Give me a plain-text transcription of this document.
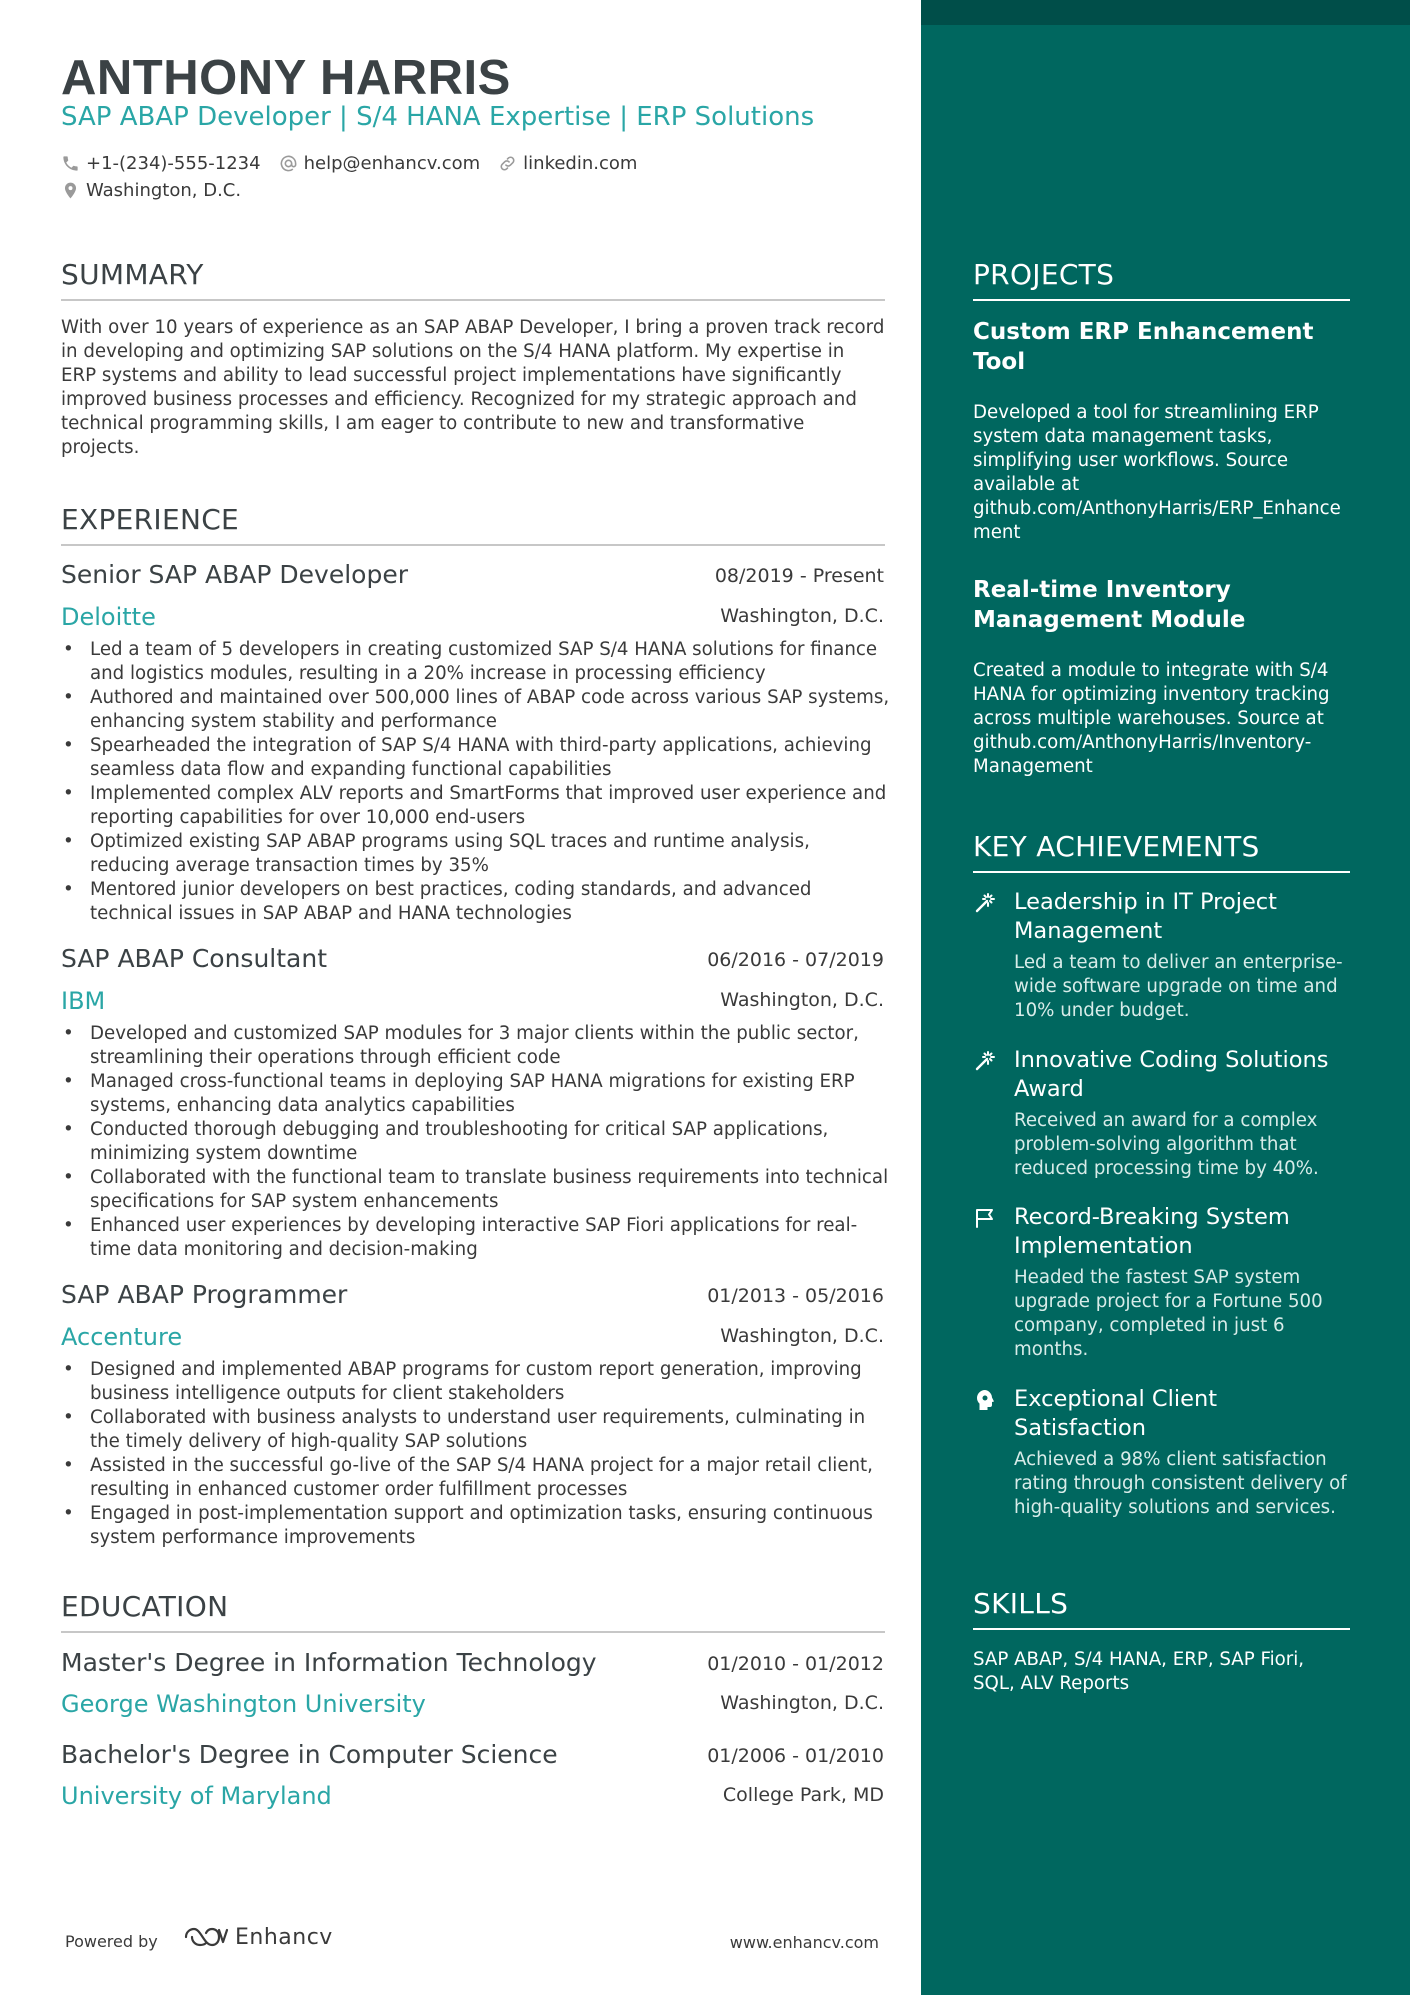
ANTHONY HARRIS
SAP ABAP Developer | S/4 HANA Expertise | ERP Solutions
+1-(234)-555-1234 help@enhancv.com linkedin.com
Washington, D.C.
SUMMARY
With over 10 years of experience as an SAP ABAP Developer, I bring a proven track record in developing and optimizing SAP solutions on the S/4 HANA platform. My expertise in ERP systems and ability to lead successful project implementations have significantly improved business processes and efficiency. Recognized for my strategic approach and technical programming skills, I am eager to contribute to new and transformative projects.
EXPERIENCE
Senior SAP ABAP Developer	08/2019 - Present
Deloitte	Washington, D.C.
• Led a team of 5 developers in creating customized SAP S/4 HANA solutions for finance and logistics modules, resulting in a 20% increase in processing efficiency
• Authored and maintained over 500,000 lines of ABAP code across various SAP systems, enhancing system stability and performance
• Spearheaded the integration of SAP S/4 HANA with third-party applications, achieving seamless data flow and expanding functional capabilities
• Implemented complex ALV reports and SmartForms that improved user experience and reporting capabilities for over 10,000 end-users
• Optimized existing SAP ABAP programs using SQL traces and runtime analysis, reducing average transaction times by 35%
• Mentored junior developers on best practices, coding standards, and advanced technical issues in SAP ABAP and HANA technologies
SAP ABAP Consultant	06/2016 - 07/2019
IBM	Washington, D.C.
• Developed and customized SAP modules for 3 major clients within the public sector, streamlining their operations through efficient code
• Managed cross-functional teams in deploying SAP HANA migrations for existing ERP systems, enhancing data analytics capabilities
• Conducted thorough debugging and troubleshooting for critical SAP applications, minimizing system downtime
• Collaborated with the functional team to translate business requirements into technical specifications for SAP system enhancements
• Enhanced user experiences by developing interactive SAP Fiori applications for real-time data monitoring and decision-making
SAP ABAP Programmer	01/2013 - 05/2016
Accenture	Washington, D.C.
• Designed and implemented ABAP programs for custom report generation, improving business intelligence outputs for client stakeholders
• Collaborated with business analysts to understand user requirements, culminating in the timely delivery of high-quality SAP solutions
• Assisted in the successful go-live of the SAP S/4 HANA project for a major retail client, resulting in enhanced customer order fulfillment processes
• Engaged in post-implementation support and optimization tasks, ensuring continuous system performance improvements
EDUCATION
Master's Degree in Information Technology	01/2010 - 01/2012
George Washington University	Washington, D.C.
Bachelor's Degree in Computer Science	01/2006 - 01/2010
University of Maryland	College Park, MD
Powered by	Enhancv	www.enhancv.com
PROJECTS
Custom ERP Enhancement Tool
Developed a tool for streamlining ERP system data management tasks, simplifying user workflows. Source available at github.com/AnthonyHarris/ERP_Enhancement
Real-time Inventory Management Module
Created a module to integrate with S/4 HANA for optimizing inventory tracking across multiple warehouses. Source at github.com/AnthonyHarris/Inventory-Management
KEY ACHIEVEMENTS
Leadership in IT Project Management
Led a team to deliver an enterprise-wide software upgrade on time and 10% under budget.
Innovative Coding Solutions Award
Received an award for a complex problem-solving algorithm that reduced processing time by 40%.
Record-Breaking System Implementation
Headed the fastest SAP system upgrade project for a Fortune 500 company, completed in just 6 months.
Exceptional Client Satisfaction
Achieved a 98% client satisfaction rating through consistent delivery of high-quality solutions and services.
SKILLS
SAP ABAP, S/4 HANA, ERP, SAP Fiori, SQL, ALV Reports
